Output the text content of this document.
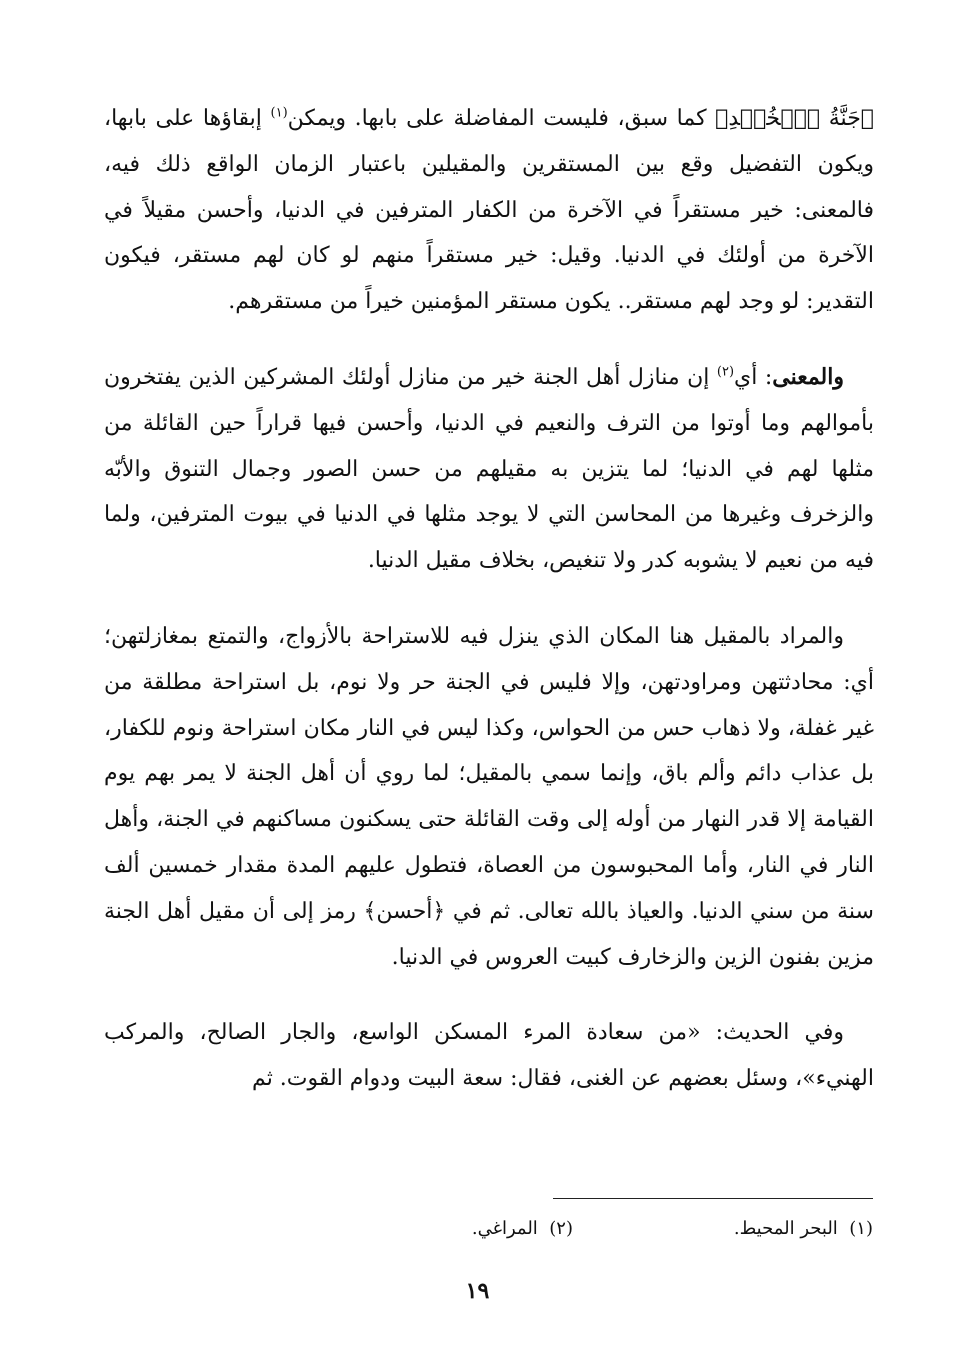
﴿جَنَّةُ ٱلۡخُلۡدِ﴾ كما سبق، فليست المفاضلة على بابها. ويمكن$^{(١)}$ إبقاؤها على بابها، ويكون التفضيل وقع بين المستقرين والمقيلين باعتبار الزمان الواقع ذلك فيه، فالمعنى: خير مستقراً في الآخرة من الكفار المترفين في الدنيا، وأحسن مقيلاً في الآخرة من أولئك في الدنيا. وقيل: خير مستقراً منهم لو كان لهم مستقر، فيكون التقدير: لو وجد لهم مستقر.. يكون مستقر المؤمنين خيراً من مستقرهم.

والمعنى: أي$^{(٢)}$ إن منازل أهل الجنة خير من منازل أولئك المشركين الذين يفتخرون بأموالهم وما أوتوا من الترف والنعيم في الدنيا، وأحسن فيها قراراً حين القائلة من مثلها لهم في الدنيا؛ لما يتزين به مقيلهم من حسن الصور وجمال التنوق والأبّه والزخرف وغيرها من المحاسن التي لا يوجد مثلها في الدنيا في بيوت المترفين، ولما فيه من نعيم لا يشوبه كدر ولا تنغيص، بخلاف مقيل الدنيا.

والمراد بالمقيل هنا المكان الذي ينزل فيه للاستراحة بالأزواج، والتمتع بمغازلتهن؛ أي: محادثتهن ومراودتهن، وإلا فليس في الجنة حر ولا نوم، بل استراحة مطلقة من غير غفلة، ولا ذهاب حس من الحواس، وكذا ليس في النار مكان استراحة ونوم للكفار، بل عذاب دائم وألم باق، وإنما سمي بالمقيل؛ لما روي أن أهل الجنة لا يمر بهم يوم القيامة إلا قدر النهار من أوله إلى وقت القائلة حتى يسكنون مساكنهم في الجنة، وأهل النار في النار، وأما المحبوسون من العصاة، فتطول عليهم المدة مقدار خمسين ألف سنة من سني الدنيا. والعياذ بالله تعالى. ثم في ﴿أحسن﴾ رمز إلى أن مقيل أهل الجنة مزين بفنون الزين والزخارف كبيت العروس في الدنيا.

وفي الحديث: «من سعادة المرء المسكن الواسع، والجار الصالح، والمركب الهنيء»، وسئل بعضهم عن الغنى، فقال: سعة البيت ودوام القوت. ثم

(١)  البحر المحيط.
(٢)  المراغي.
١٩
